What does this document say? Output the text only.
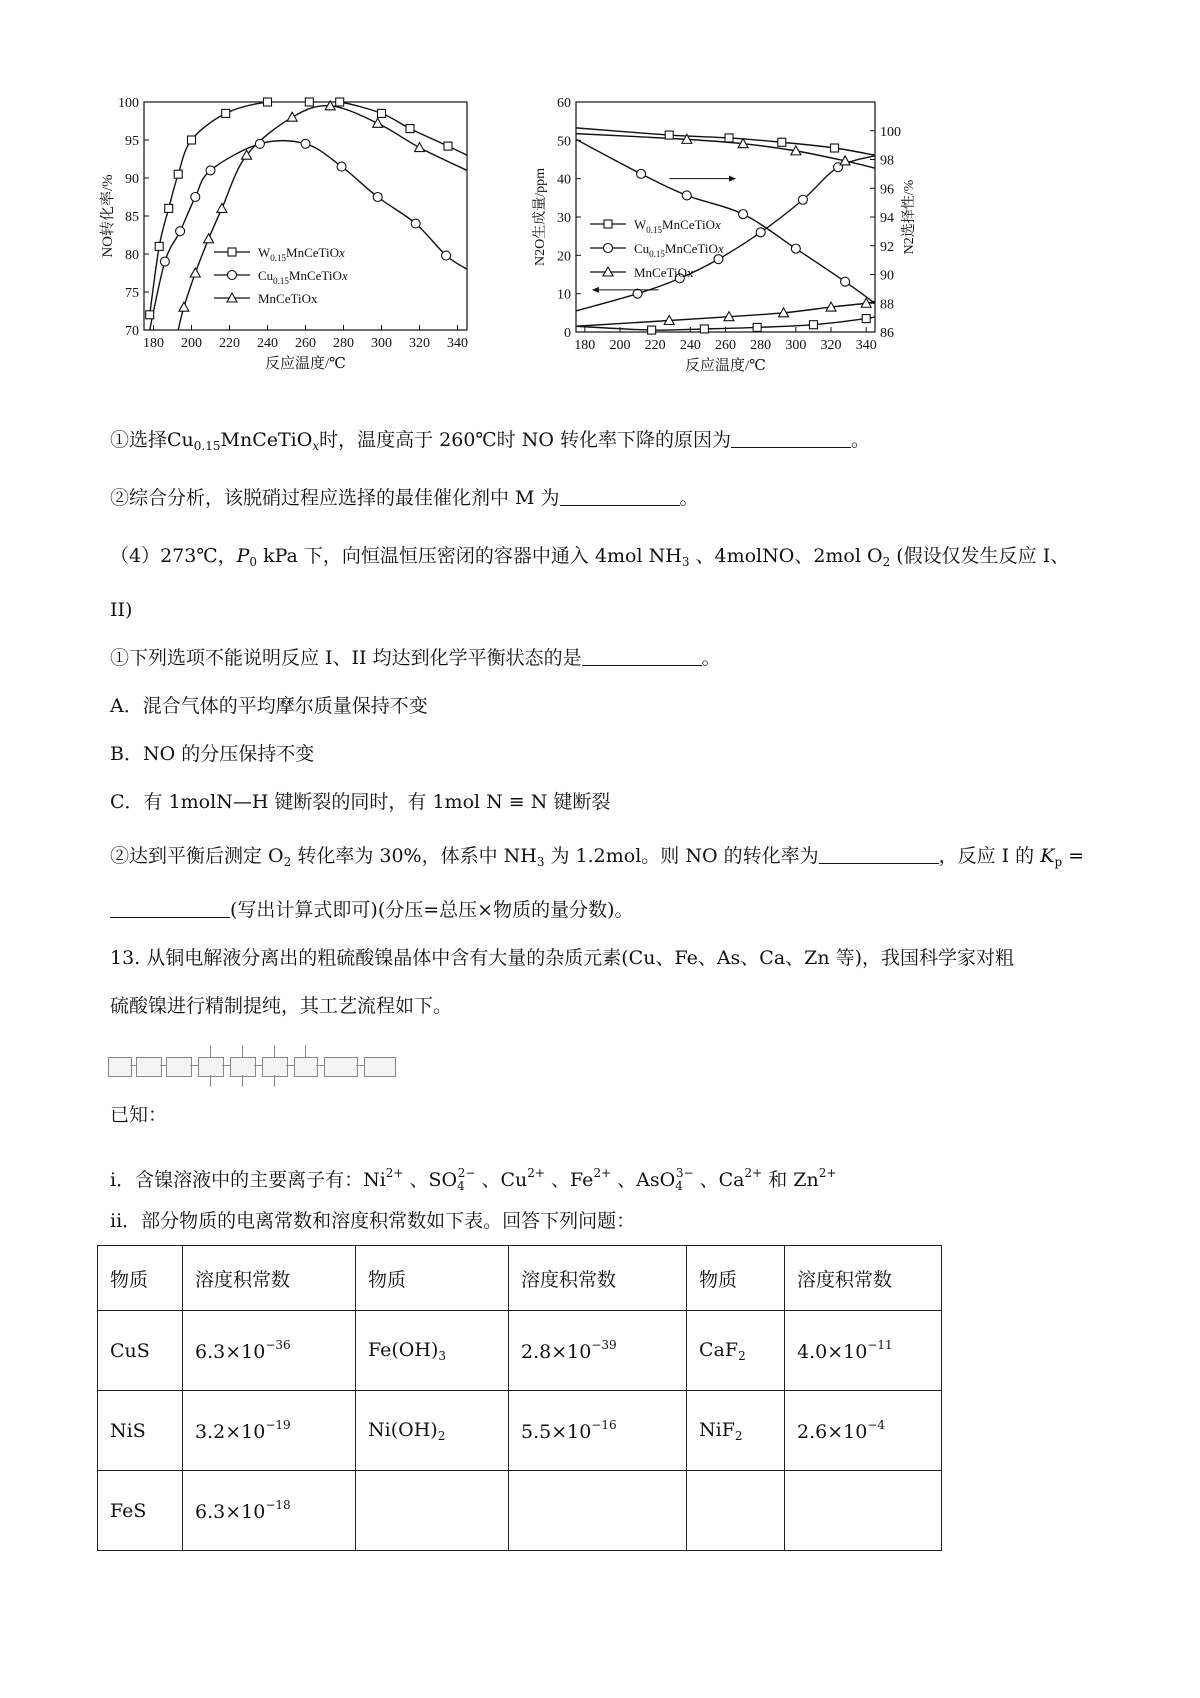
180 200 220 240 260 280 300 320 340
70
75
80
85
90
95
100
反应温度/℃
NO转化率/%	$W_{0.15}MnCeTiOx$
$Cu_{0.15}MnCeTiOx$
MnCeTiOx
180 200 220 240 260 280 300 320 340
0
10
20
30
40
50
60
86
88
90
92
94
96
98
100
反应温度/℃
N2O生成量/ppm	N2选择性/%
$W_{0.15}MnCeTiOx$
$Cu_{0.15}MnCeTiOx$
MnCeTiOx
①选择$Cu_{0.15}MnCeTiO_x$时，温度高于 260℃时 NO 转化率下降的原因为	。
②综合分析，该脱硝过程应选择的最佳催化剂中 M 为	。
（4）273℃，$P_0$ kPa 下，向恒温恒压密闭的容器中通入 4mol $NH_3$ 、4molNO、2mol $O_2$ (假设仅发生反应 I、
II)
①下列选项不能说明反应 I、II 均达到化学平衡状态的是	。
A．混合气体的平均摩尔质量保持不变
B．NO 的分压保持不变
C．有 1molN—H 键断裂的同时，有 1mol N ≡ N 键断裂
②达到平衡后测定 $O_2$ 转化率为 30%，体系中 $NH_3$ 为 1.2mol。则 NO 的转化率为	，反应 I 的 $K_p$ =
(写出计算式即可)(分压=总压×物质的量分数)。
13. 从铜电解液分离出的粗硫酸镍晶体中含有大量的杂质元素(Cu、Fe、As、Ca、Zn 等)，我国科学家对粗
硫酸镍进行精制提纯，其工艺流程如下。
已知：
i．含镍溶液中的主要离子有：$Ni^{2+}$ 、$SO_4^{2-}$ 、$Cu^{2+}$ 、$Fe^{2+}$ 、AsO$_4^{3-}$ 、$Ca^{2+}$ 和 $Zn^{2+}$
ii．部分物质的电离常数和溶度积常数如下表。回答下列问题：
物质	溶度积常数	物质	溶度积常数	物质	溶度积常数
CuS	$6.3\times 10^{-36}$	$Fe(OH)_3$	$2.8\times 10^{-39}$	CaF$_2$	$4.0\times 10^{-11}$
NiS	$3.2\times 10^{-19}$	$Ni(OH)_2$	$5.5\times 10^{-16}$	NiF$_2$	$2.6\times 10^{-4}$
FeS	$6.3\times 10^{-18}$				
